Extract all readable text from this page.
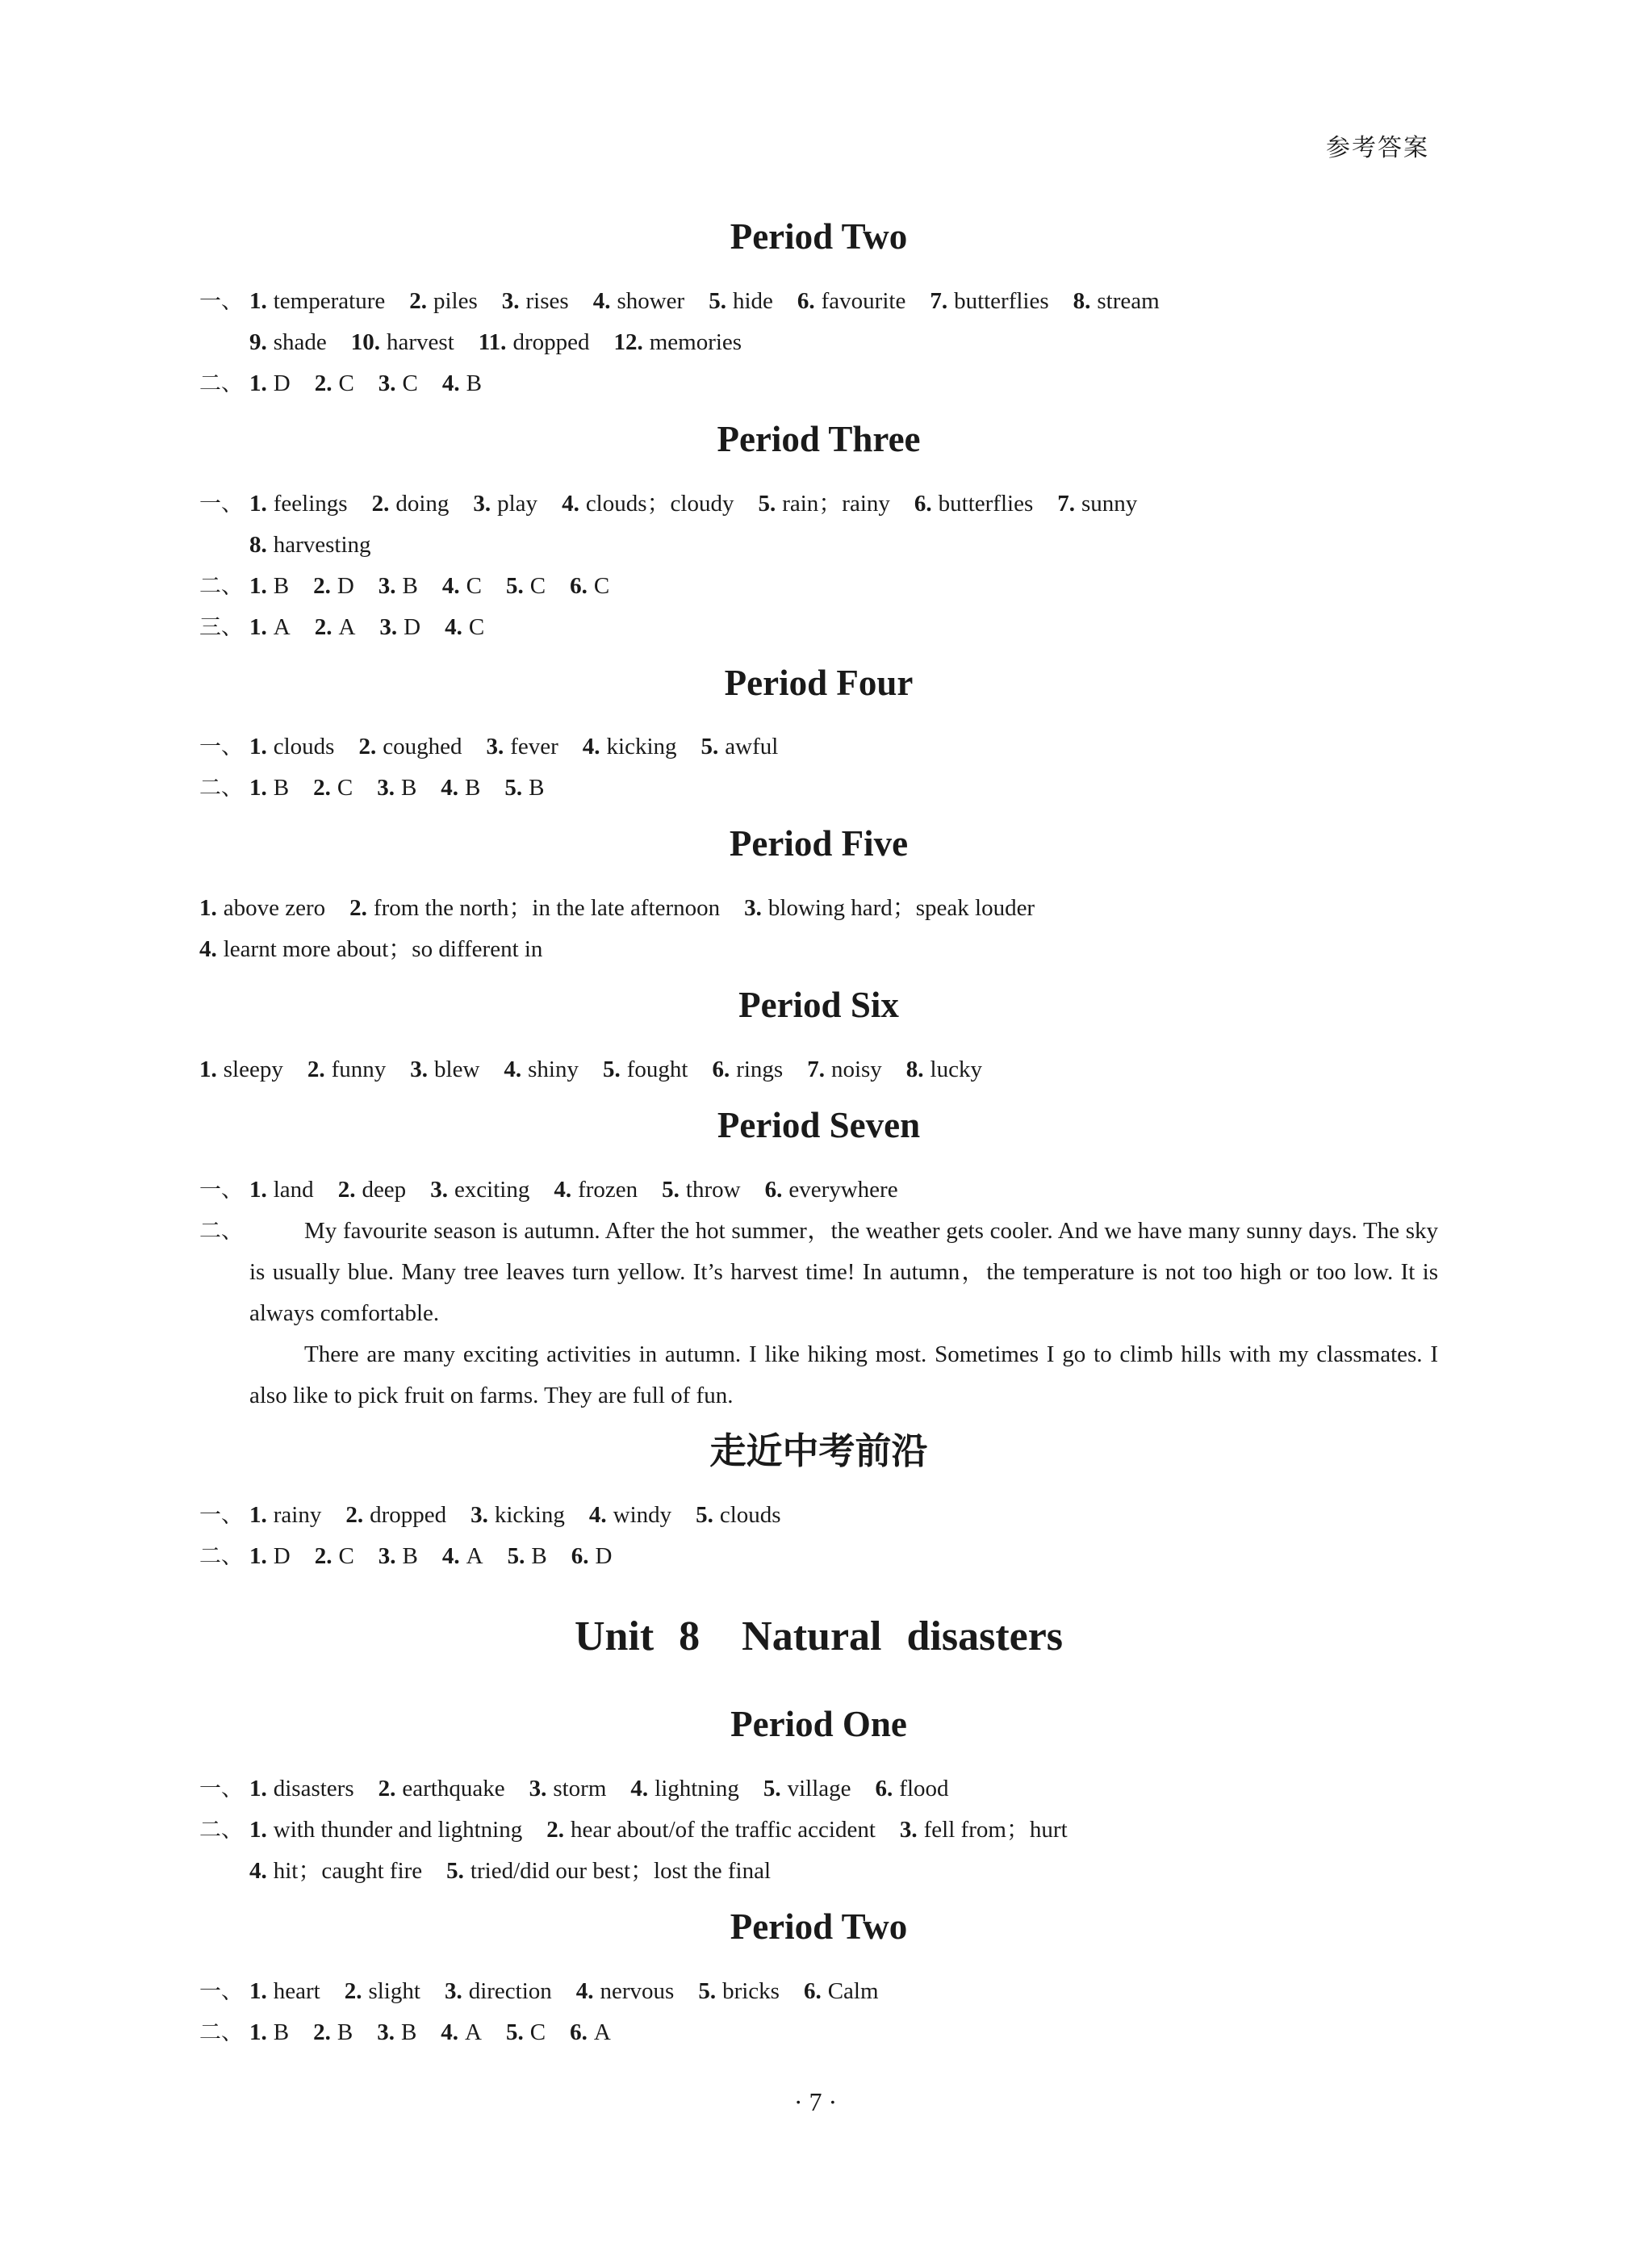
参考答案
Period Two
一、 1. temperature 2. piles 3. rises 4. shower 5. hide 6. favourite 7. butterflies 8. stream
9. shade 10. harvest 11. dropped 12. memories
二、 1. D 2. C 3. C 4. B
Period Three
一、 1. feelings 2. doing 3. play 4. clouds；cloudy 5. rain；rainy 6. butterflies 7. sunny
8. harvesting
二、 1. B 2. D 3. B 4. C 5. C 6. C
三、 1. A 2. A 3. D 4. C
Period Four
一、 1. clouds 2. coughed 3. fever 4. kicking 5. awful
二、 1. B 2. C 3. B 4. B 5. B
Period Five
1. above zero 2. from the north；in the late afternoon 3. blowing hard；speak louder
4. learnt more about；so different in
Period Six
1. sleepy 2. funny 3. blew 4. shiny 5. fought 6. rings 7. noisy 8. lucky
Period Seven
一、 1. land 2. deep 3. exciting 4. frozen 5. throw 6. everywhere
二、	My favourite season is autumn. After the hot summer，the weather gets cooler. And we have many sunny days. The sky is usually blue. Many tree leaves turn yellow. It’s harvest time! In autumn，the temperature is not too high or too low. It is always comfortable.
There are many exciting activities in autumn. I like hiking most. Sometimes I go to climb hills with my classmates. I also like to pick fruit on farms. They are full of fun.
走近中考前沿
一、 1. rainy 2. dropped 3. kicking 4. windy 5. clouds
二、 1. D 2. C 3. B 4. A 5. B 6. D
Unit 8　Natural disasters
Period One
一、 1. disasters 2. earthquake 3. storm 4. lightning 5. village 6. flood
二、 1. with thunder and lightning 2. hear about/of the traffic accident 3. fell from；hurt
4. hit；caught fire 5. tried/did our best；lost the final
Period Two
一、 1. heart 2. slight 3. direction 4. nervous 5. bricks 6. Calm
二、 1. B 2. B 3. B 4. A 5. C 6. A
· 7 ·
